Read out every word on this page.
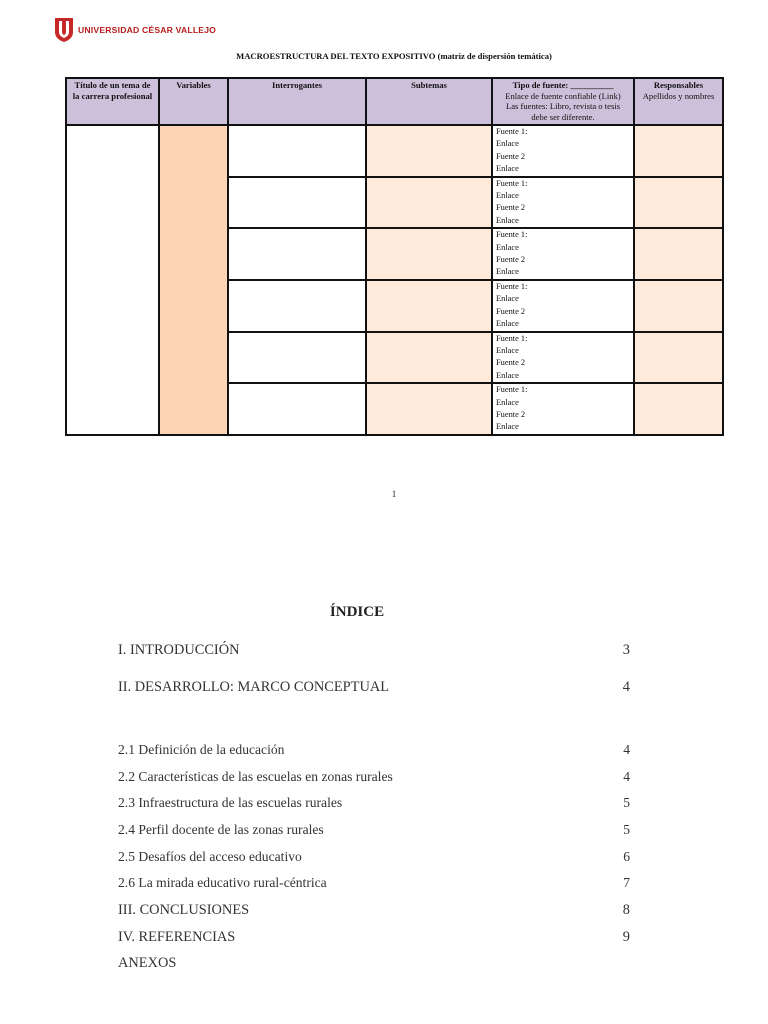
UNIVERSIDAD CÉSAR VALLEJO
MACROESTRUCTURA DEL TEXTO EXPOSITIVO (matriz de dispersión temática)
Título de un tema de la carrera profesional	Variables	Interrogantes	Subtemas	Tipo de fuente: __________
Enlace de fuente confiable (Link)
Las fuentes: Libro, revista o tesis debe ser diferente.	Responsables
Apellidos y nombres

				Fuente 1:
Enlace
Fuente 2
Enlace	

				Fuente 1:
Enlace
Fuente 2
Enlace	

				Fuente 1:
Enlace
Fuente 2
Enlace	

				Fuente 1:
Enlace
Fuente 2
Enlace	

				Fuente 1:
Enlace
Fuente 2
Enlace	

				Fuente 1:
Enlace
Fuente 2
Enlace	

1
ÍNDICE
I. INTRODUCCIÓN	3
II. DESARROLLO: MARCO CONCEPTUAL	4
2.1 Definición de la educación	4
2.2 Características de las escuelas en zonas rurales	4
2.3 Infraestructura de las escuelas rurales	5
2.4 Perfil docente de las zonas rurales	5
2.5 Desafíos del acceso educativo	6
2.6 La mirada educativo rural-céntrica	7
III. CONCLUSIONES	8
IV. REFERENCIAS	9
ANEXOS
